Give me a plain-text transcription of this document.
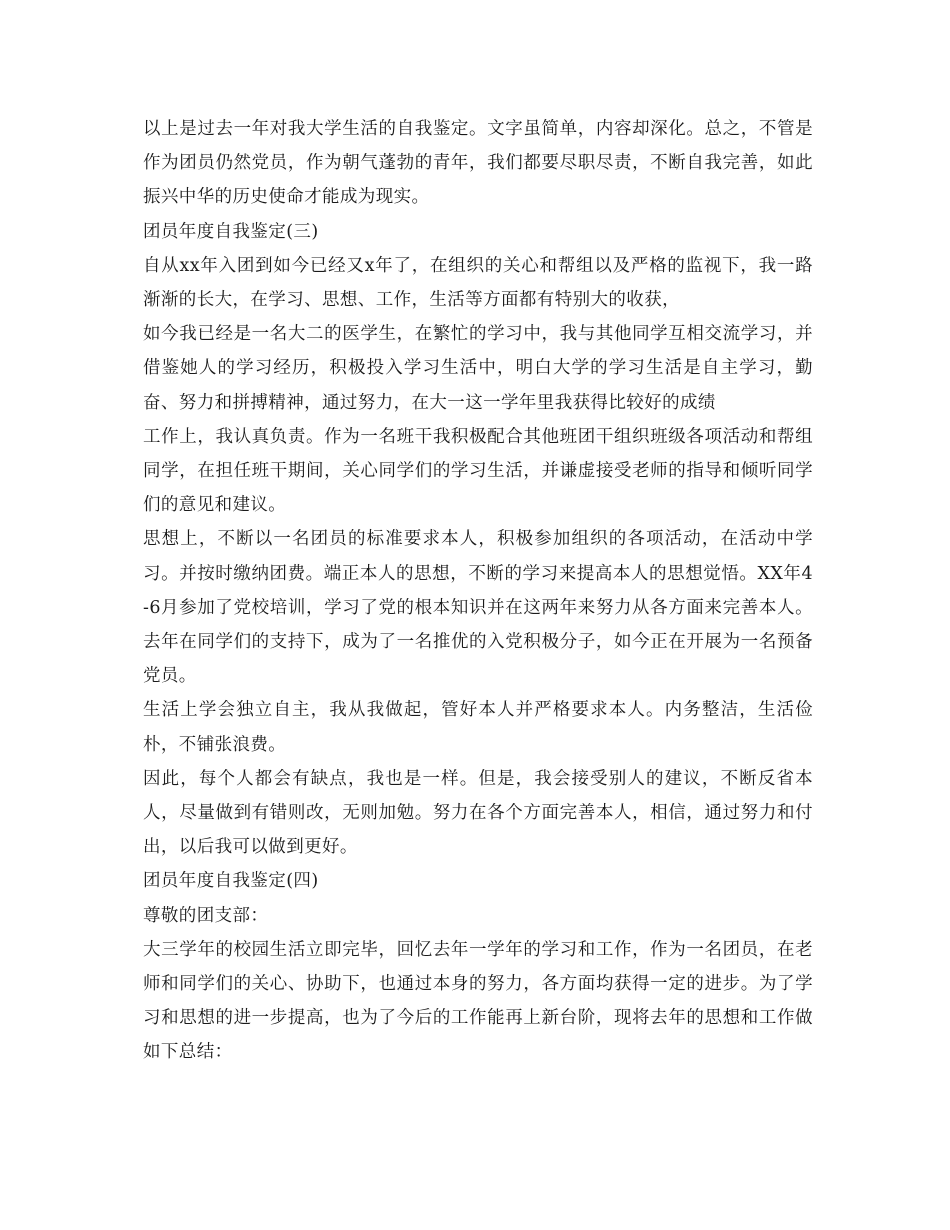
以上是过去一年对我大学生活的自我鉴定。文字虽简单，内容却深化。总之，不管是作为团员仍然党员，作为朝气蓬勃的青年，我们都要尽职尽责，不断自我完善，如此振兴中华的历史使命才能成为现实。

团员年度自我鉴定(三)

自从xx年入团到如今已经又x年了，在组织的关心和帮组以及严格的监视下，我一路渐渐的长大，在学习、思想、工作，生活等方面都有特别大的收获，

如今我已经是一名大二的医学生，在繁忙的学习中，我与其他同学互相交流学习，并借鉴她人的学习经历，积极投入学习生活中，明白大学的学习生活是自主学习，勤奋、努力和拼搏精神，通过努力，在大一这一学年里我获得比较好的成绩

工作上，我认真负责。作为一名班干我积极配合其他班团干组织班级各项活动和帮组同学，在担任班干期间，关心同学们的学习生活，并谦虚接受老师的指导和倾听同学们的意见和建议。

思想上，不断以一名团员的标准要求本人，积极参加组织的各项活动，在活动中学习。并按时缴纳团费。端正本人的思想，不断的学习来提高本人的思想觉悟。XX年4-6月参加了党校培训，学习了党的根本知识并在这两年来努力从各方面来完善本人。去年在同学们的支持下，成为了一名推优的入党积极分子，如今正在开展为一名预备党员。

生活上学会独立自主，我从我做起，管好本人并严格要求本人。内务整洁，生活俭朴，不铺张浪费。

因此，每个人都会有缺点，我也是一样。但是，我会接受别人的建议，不断反省本人，尽量做到有错则改，无则加勉。努力在各个方面完善本人，相信，通过努力和付出，以后我可以做到更好。

团员年度自我鉴定(四)

尊敬的团支部：

大三学年的校园生活立即完毕，回忆去年一学年的学习和工作，作为一名团员，在老师和同学们的关心、协助下，也通过本身的努力，各方面均获得一定的进步。为了学习和思想的进一步提高，也为了今后的工作能再上新台阶，现将去年的思想和工作做如下总结：
